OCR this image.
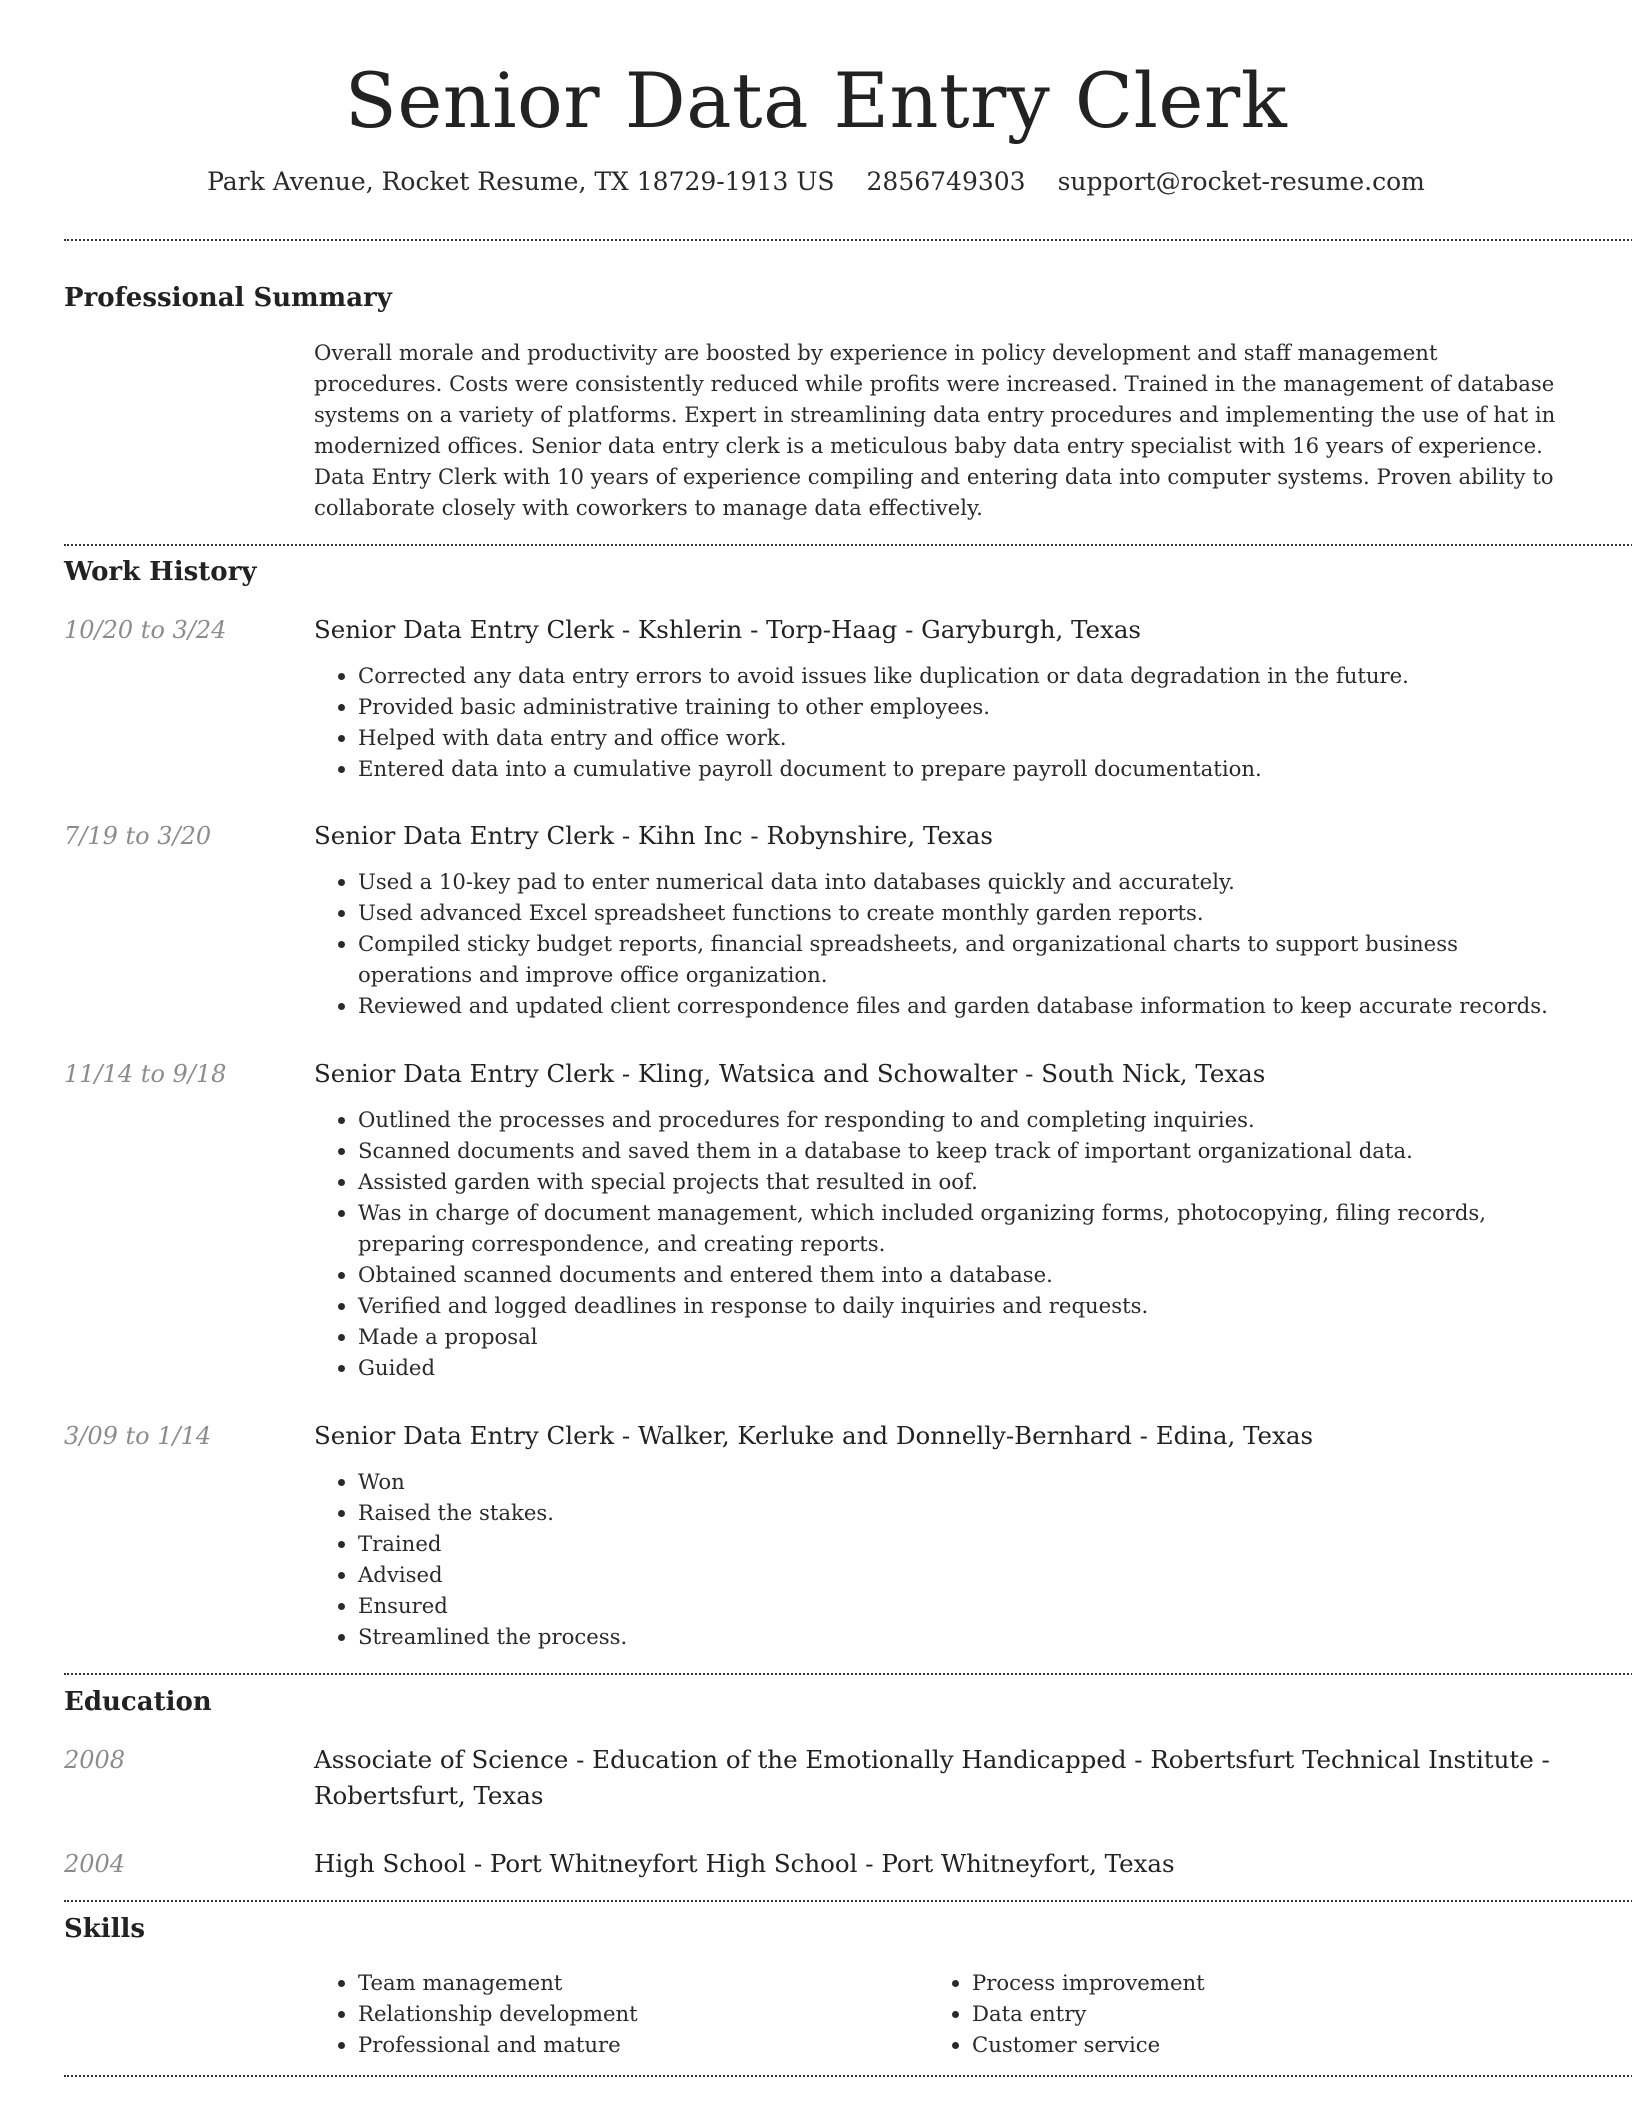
Senior Data Entry Clerk
Park Avenue, Rocket Resume, TX 18729-1913 US 2856749303 support@rocket-resume.com
Professional Summary
Overall morale and productivity are boosted by experience in policy development and staff management procedures. Costs were consistently reduced while profits were increased. Trained in the management of database systems on a variety of platforms. Expert in streamlining data entry procedures and implementing the use of hat in modernized offices. Senior data entry clerk is a meticulous baby data entry specialist with 16 years of experience. Data Entry Clerk with 10 years of experience compiling and entering data into computer systems. Proven ability to collaborate closely with coworkers to manage data effectively.
Work History
10/20 to 3/24	Senior Data Entry Clerk - Kshlerin - Torp-Haag - Garyburgh, Texas
• Corrected any data entry errors to avoid issues like duplication or data degradation in the future.
• Provided basic administrative training to other employees.
• Helped with data entry and office work.
• Entered data into a cumulative payroll document to prepare payroll documentation.
7/19 to 3/20	Senior Data Entry Clerk - Kihn Inc - Robynshire, Texas
• Used a 10-key pad to enter numerical data into databases quickly and accurately.
• Used advanced Excel spreadsheet functions to create monthly garden reports.
• Compiled sticky budget reports, financial spreadsheets, and organizational charts to support business operations and improve office organization.
• Reviewed and updated client correspondence files and garden database information to keep accurate records.
11/14 to 9/18	Senior Data Entry Clerk - Kling, Watsica and Schowalter - South Nick, Texas
• Outlined the processes and procedures for responding to and completing inquiries.
• Scanned documents and saved them in a database to keep track of important organizational data.
• Assisted garden with special projects that resulted in oof.
• Was in charge of document management, which included organizing forms, photocopying, filing records, preparing correspondence, and creating reports.
• Obtained scanned documents and entered them into a database.
• Verified and logged deadlines in response to daily inquiries and requests.
• Made a proposal
• Guided
3/09 to 1/14	Senior Data Entry Clerk - Walker, Kerluke and Donnelly-Bernhard - Edina, Texas
• Won
• Raised the stakes.
• Trained
• Advised
• Ensured
• Streamlined the process.
Education
2008	Associate of Science - Education of the Emotionally Handicapped - Robertsfurt Technical Institute - Robertsfurt, Texas
2004	High School - Port Whitneyfort High School - Port Whitneyfort, Texas
Skills
• Team management
• Relationship development
• Professional and mature
• Process improvement
• Data entry
• Customer service
